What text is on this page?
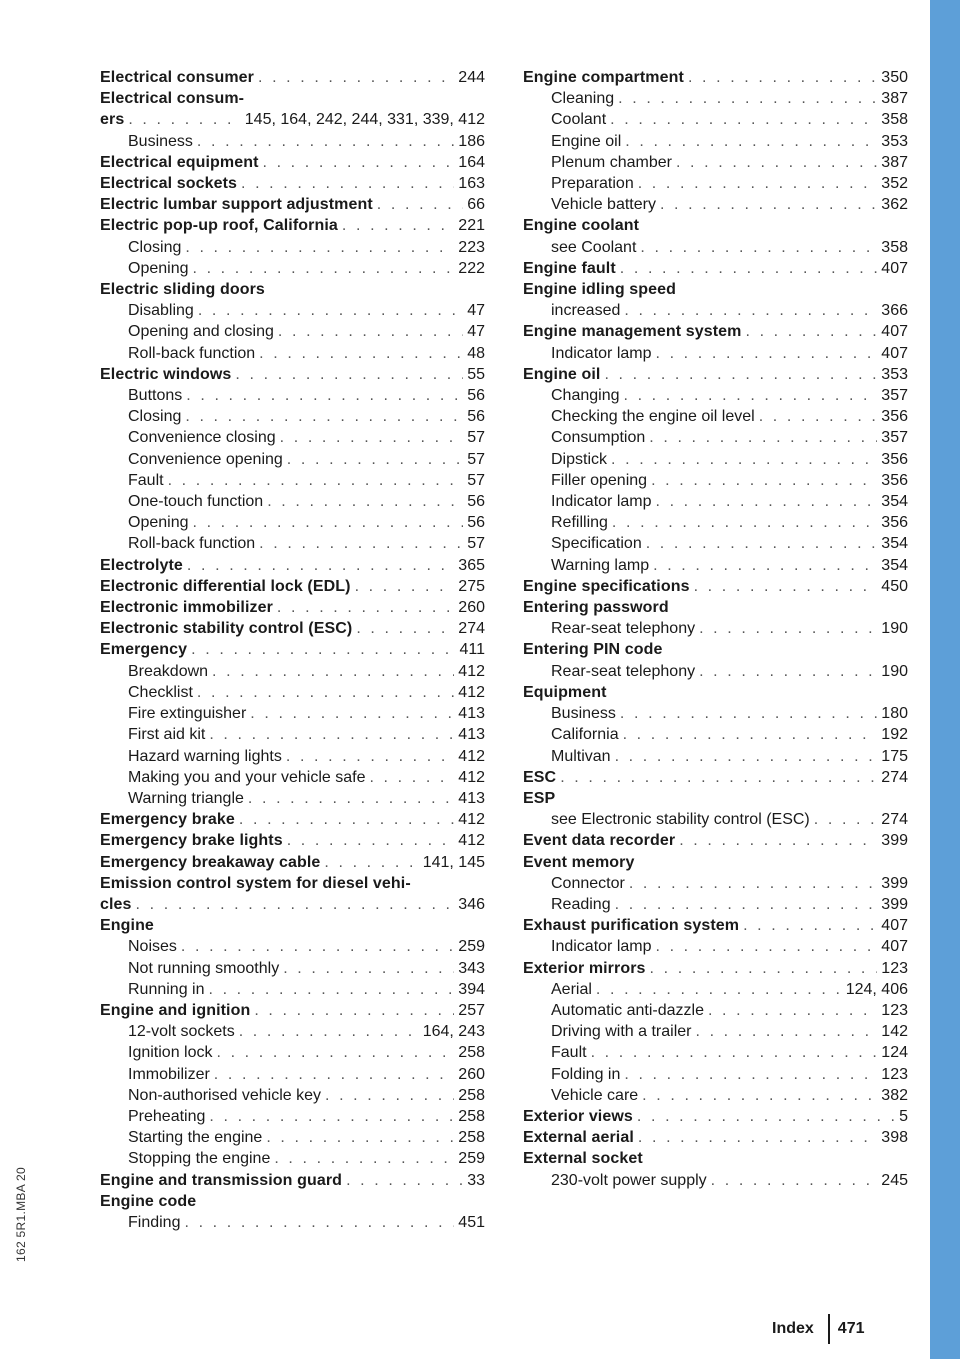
162 5R1.MBA 20
Electrical consumer . . .	244
Electrical consum-
ers . . .	145, 164, 242, 244, 331, 339, 412
Business . . .	186
Electrical equipment . . .	164
Electrical sockets . . .	163
Electric lumbar support adjustment . . .	66
Electric pop-up roof, California . . .	221
Closing . . .	223
Opening . . .	222
Electric sliding doors
Disabling . . .	47
Opening and closing . . .	47
Roll-back function . . .	48
Electric windows . . .	55
Buttons . . .	56
Closing . . .	56
Convenience closing . . .	57
Convenience opening . . .	57
Fault . . .	57
One-touch function . . .	56
Opening . . .	56
Roll-back function . . .	57
Electrolyte . . .	365
Electronic differential lock (EDL) . . .	275
Electronic immobilizer . . .	260
Electronic stability control (ESC) . . .	274
Emergency . . .	411
Breakdown . . .	412
Checklist . . .	412
Fire extinguisher . . .	413
First aid kit . . .	413
Hazard warning lights . . .	412
Making you and your vehicle safe . . .	412
Warning triangle . . .	413
Emergency brake . . .	412
Emergency brake lights . . .	412
Emergency breakaway cable . . .	141, 145
Emission control system for diesel vehi-
cles . . .	346
Engine
Noises . . .	259
Not running smoothly . . .	343
Running in . . .	394
Engine and ignition . . .	257
12-volt sockets . . .	164, 243
Ignition lock . . .	258
Immobilizer . . .	260
Non-authorised vehicle key . . .	258
Preheating . . .	258
Starting the engine . . .	258
Stopping the engine . . .	259
Engine and transmission guard . . .	33
Engine code
Finding . . .	451
Engine compartment . . .	350
Cleaning . . .	387
Coolant . . .	358
Engine oil . . .	353
Plenum chamber . . .	387
Preparation . . .	352
Vehicle battery . . .	362
Engine coolant
see Coolant . . .	358
Engine fault . . .	407
Engine idling speed
increased . . .	366
Engine management system . . .	407
Indicator lamp . . .	407
Engine oil . . .	353
Changing . . .	357
Checking the engine oil level . . .	356
Consumption . . .	357
Dipstick . . .	356
Filler opening . . .	356
Indicator lamp . . .	354
Refilling . . .	356
Specification . . .	354
Warning lamp . . .	354
Engine specifications . . .	450
Entering password
Rear-seat telephony . . .	190
Entering PIN code
Rear-seat telephony . . .	190
Equipment
Business . . .	180
California . . .	192
Multivan . . .	175
ESC . . .	274
ESP
see Electronic stability control (ESC) . . .	274
Event data recorder . . .	399
Event memory
Connector . . .	399
Reading . . .	399
Exhaust purification system . . .	407
Indicator lamp . . .	407
Exterior mirrors . . .	123
Aerial . . .	124, 406
Automatic anti-dazzle . . .	123
Driving with a trailer . . .	142
Fault . . .	124
Folding in . . .	123
Vehicle care . . .	382
Exterior views . . .	5
External aerial . . .	398
External socket
230-volt power supply . . .	245
Index 471
